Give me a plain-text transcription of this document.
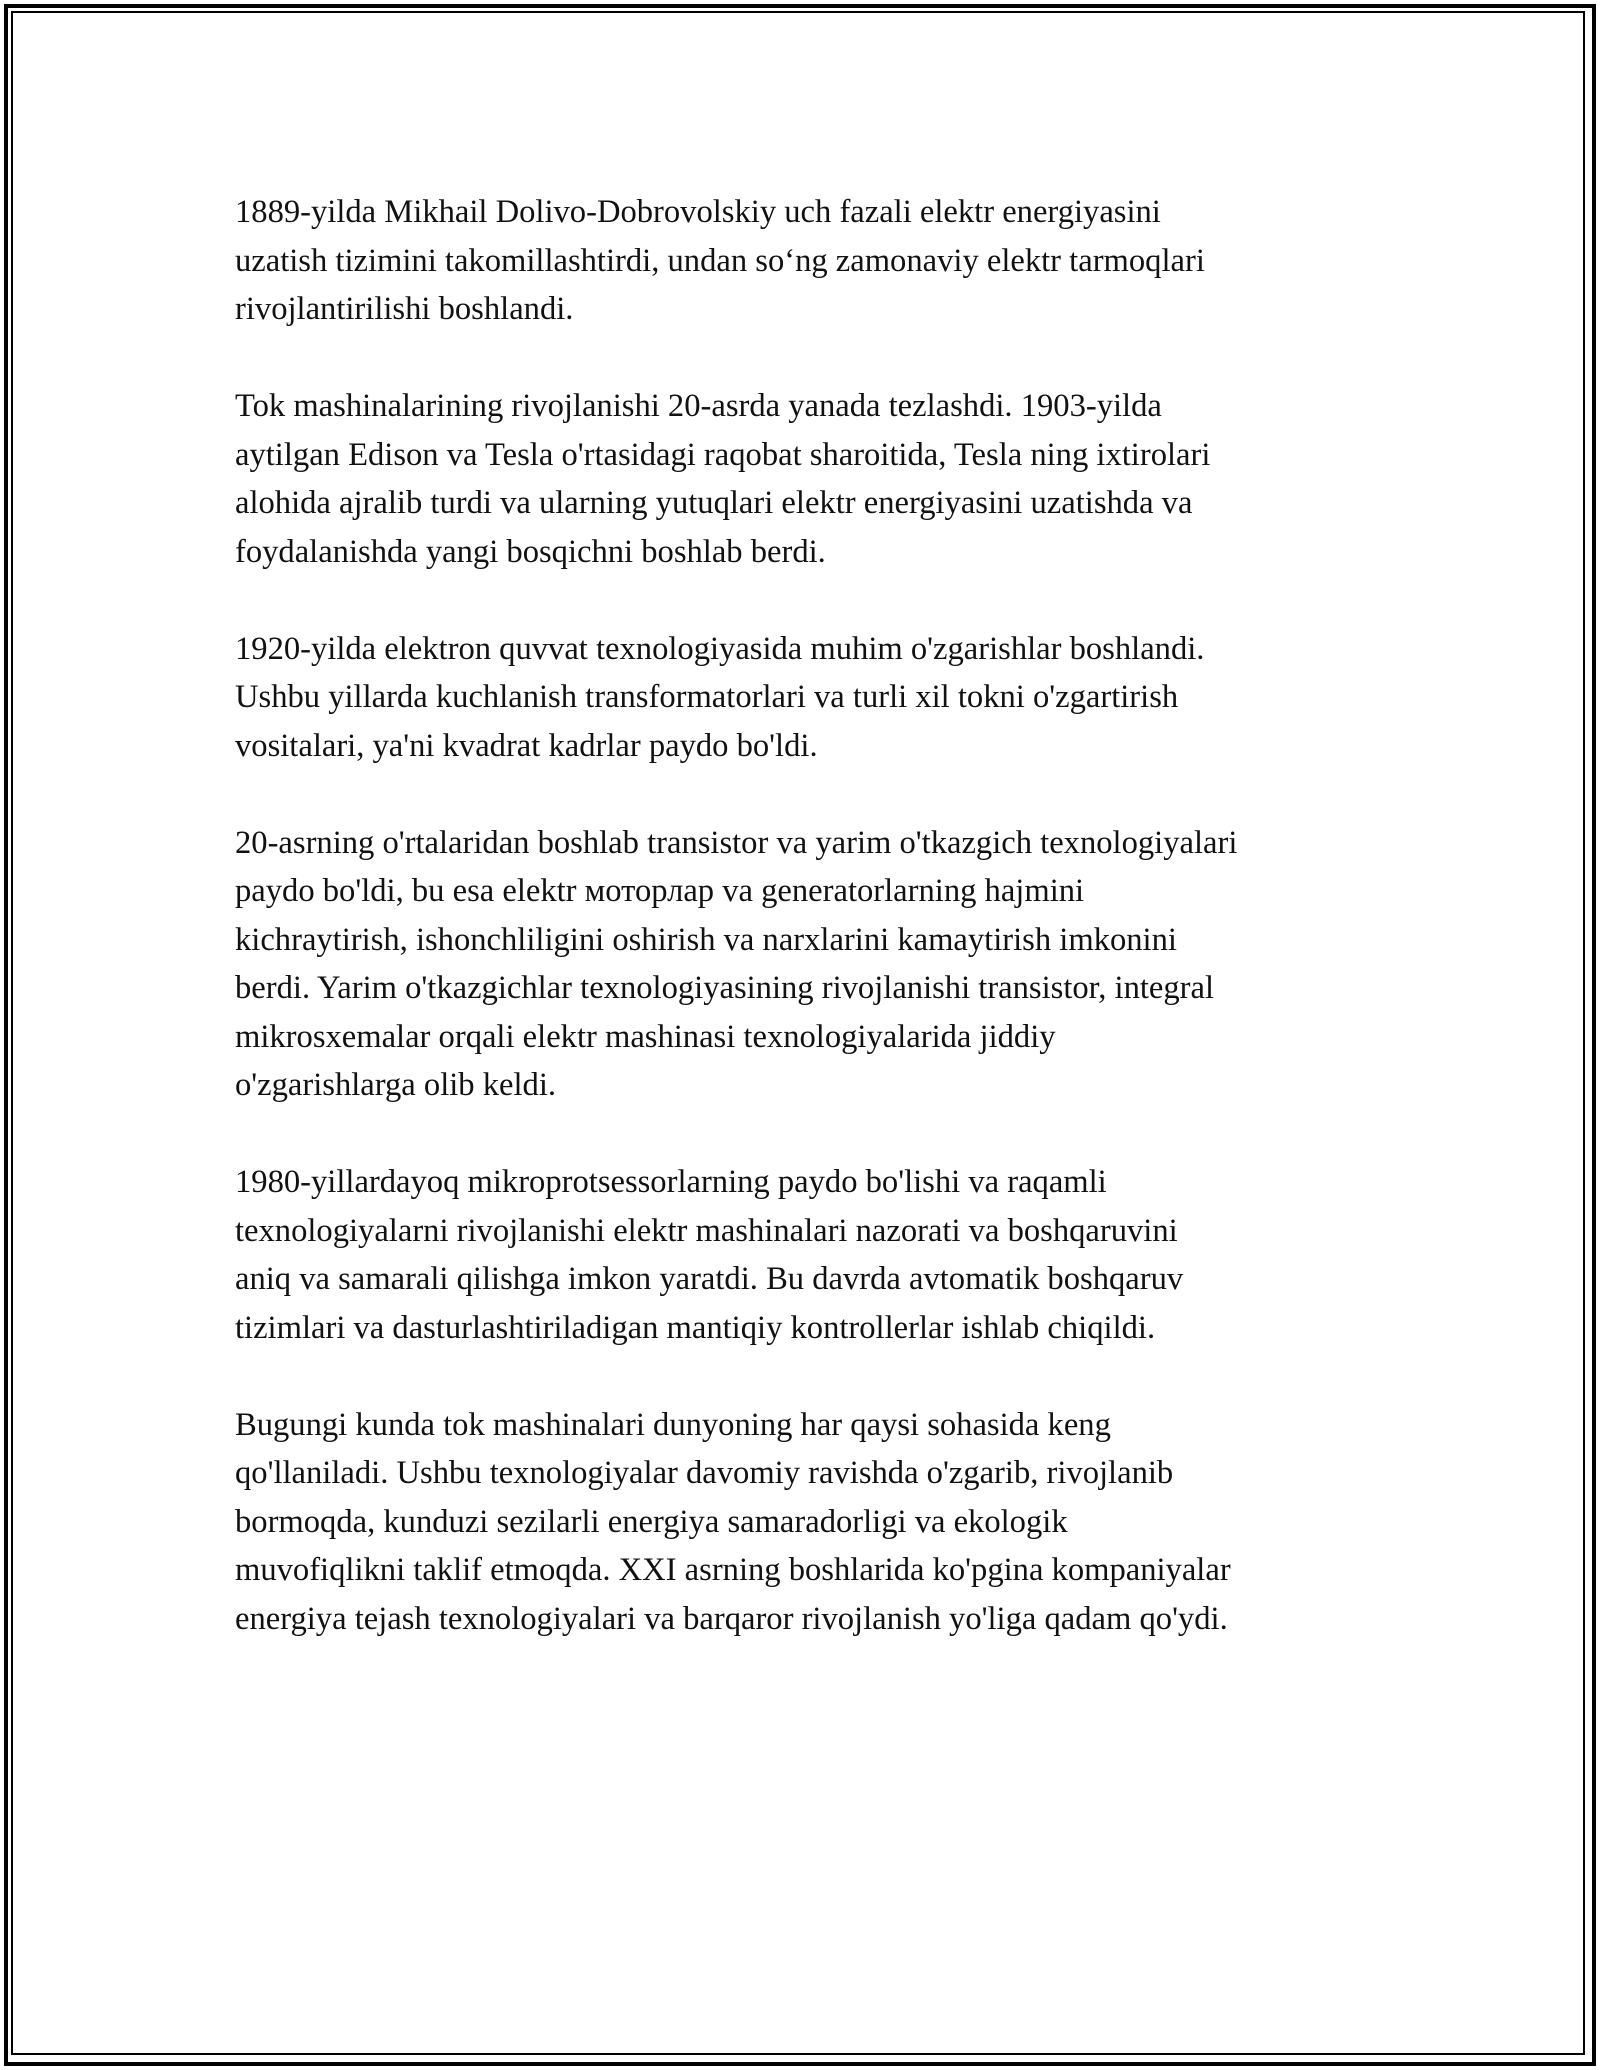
1889-yilda Mikhail Dolivo-Dobrovolskiy uch fazali elektr energiyasini
uzatish tizimini takomillashtirdi, undan so‘ng zamonaviy elektr tarmoqlari
rivojlantirilishi boshlandi.

Tok mashinalarining rivojlanishi 20-asrda yanada tezlashdi. 1903-yilda
aytilgan Edison va Tesla o'rtasidagi raqobat sharoitida, Tesla ning ixtirolari
alohida ajralib turdi va ularning yutuqlari elektr energiyasini uzatishda va
foydalanishda yangi bosqichni boshlab berdi.

1920-yilda elektron quvvat texnologiyasida muhim o'zgarishlar boshlandi.
Ushbu yillarda kuchlanish transformatorlari va turli xil tokni o'zgartirish
vositalari, ya'ni kvadrat kadrlar paydo bo'ldi.

20-asrning o'rtalaridan boshlab transistor va yarim o'tkazgich texnologiyalari
paydo bo'ldi, bu esa elektr моторлар va generatorlarning hajmini
kichraytirish, ishonchliligini oshirish va narxlarini kamaytirish imkonini
berdi. Yarim o'tkazgichlar texnologiyasining rivojlanishi transistor, integral
mikrosxemalar orqali elektr mashinasi texnologiyalarida jiddiy
o'zgarishlarga olib keldi.

1980-yillardayoq mikroprotsessorlarning paydo bo'lishi va raqamli
texnologiyalarni rivojlanishi elektr mashinalari nazorati va boshqaruvini
aniq va samarali qilishga imkon yaratdi. Bu davrda avtomatik boshqaruv
tizimlari va dasturlashtiriladigan mantiqiy kontrollerlar ishlab chiqildi.

Bugungi kunda tok mashinalari dunyoning har qaysi sohasida keng
qo'llaniladi. Ushbu texnologiyalar davomiy ravishda o'zgarib, rivojlanib
bormoqda, kunduzi sezilarli energiya samaradorligi va ekologik
muvofiqlikni taklif etmoqda. XXI asrning boshlarida ko'pgina kompaniyalar
energiya tejash texnologiyalari va barqaror rivojlanish yo'liga qadam qo'ydi.
